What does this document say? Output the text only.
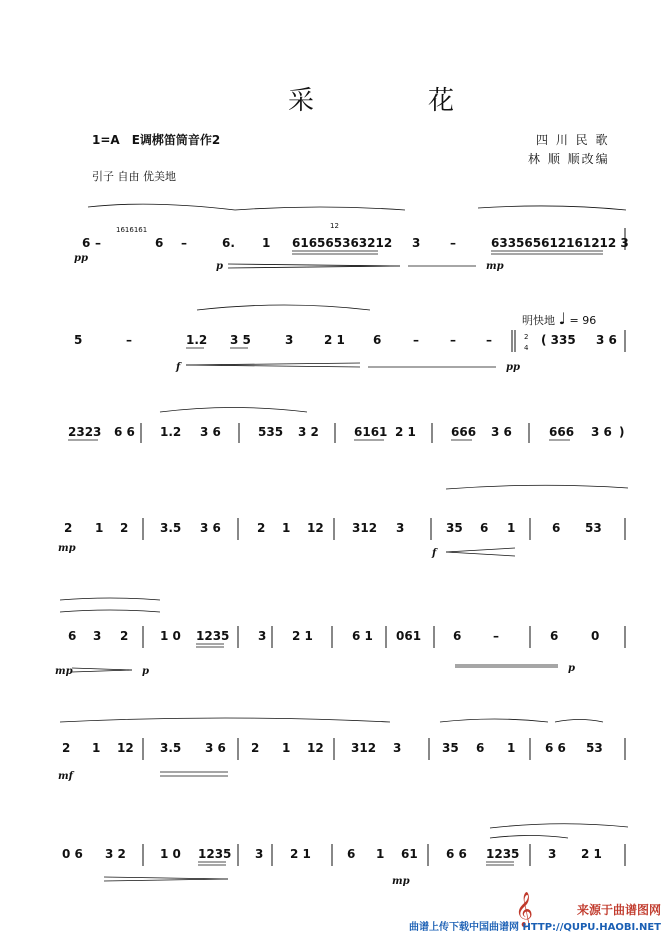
采　花
1=A　E调梆笛筒音作2
引子 自由 优美地
四 川 民 歌
林 顺 顺改编
明快地 ♩ = 96
6 –
1616161
6 –	6. 1 616565363212
12
3 –	633565612161212 3
pp
p	mp
5	–	1.2 3 5	3	2 1 6	–	–	–	2
4
( 335 3 6
f	pp
2323 6 6 1.2 3 6	535 3 2	6161 2 1	666 3 6	666 3 6 )
2 1 2	3.5 3 6	2 1 12 312 3	35 6 1	6 53
mp	f
6 3 2	1 0 1235 3 2 1	6 1 061	6	–	6	0
mp	p	p
2 1 12 3.5 3 6 2 1 12 312 3	35 6 1 6 6 53
mf
0 6 3 2	1 0 1235 3 2 1	6 1 61 6 6 1235 3 2 1
mp
𝄞	来源于曲谱图网
曲谱上传下载中国曲谱网 HTTP://QUPU.HAOBI.NET
